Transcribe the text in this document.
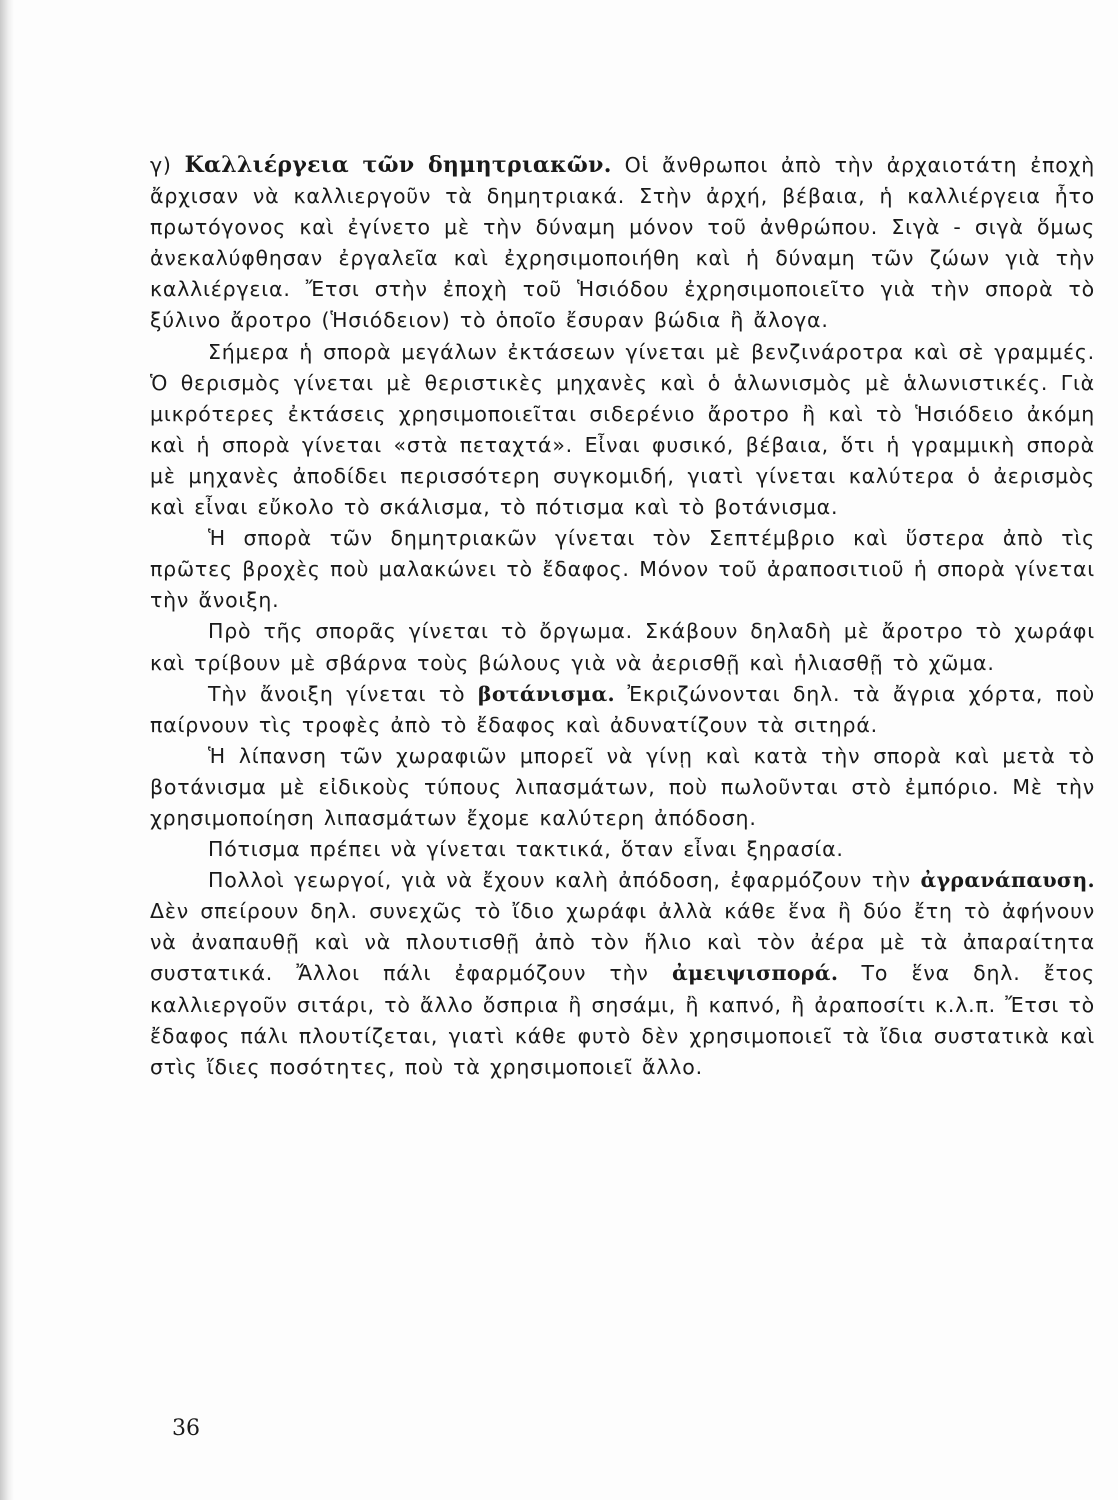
γ) Καλλιέργεια τῶν δημητριακῶν. Οἱ ἄνθρωποι ἀπὸ τὴν ἀρχαιοτάτη ἐποχὴ ἄρχισαν νὰ καλλιεργοῦν τὰ δημητριακά. Στὴν ἀρχή, βέβαια, ἡ καλλιέργεια ἦτο πρωτόγονος καὶ ἐγίνετο μὲ τὴν δύναμη μόνον τοῦ ἀνθρώπου. Σιγὰ - σιγὰ ὅμως ἀνεκαλύφθησαν ἐργαλεῖα καὶ ἐχρησιμοποιήθη καὶ ἡ δύναμη τῶν ζώων γιὰ τὴν καλλιέργεια. Ἔτσι στὴν ἐποχὴ τοῦ Ἡσιόδου ἐχρησιμοποιεῖτο γιὰ τὴν σπορὰ τὸ ξύλινο ἄροτρο (Ἡσιόδειον) τὸ ὁποῖο ἔσυραν βώδια ἢ ἄλογα.

Σήμερα ἡ σπορὰ μεγάλων ἐκτάσεων γίνεται μὲ βενζινάροτρα καὶ σὲ γραμμές. Ὁ θερισμὸς γίνεται μὲ θεριστικὲς μηχανὲς καὶ ὁ ἁλωνισμὸς μὲ ἁλωνιστικές. Γιὰ μικρότερες ἐκτάσεις χρησιμοποιεῖται σιδερένιο ἄροτρο ἢ καὶ τὸ Ἡσιόδειο ἀκόμη καὶ ἡ σπορὰ γίνεται «στὰ πεταχτά». Εἶναι φυσικό, βέβαια, ὅτι ἡ γραμμικὴ σπορὰ μὲ μηχανὲς ἀποδίδει περισσότερη συγκομιδή, γιατὶ γίνεται καλύτερα ὁ ἀερισμὸς καὶ εἶναι εὔκολο τὸ σκάλισμα, τὸ πότισμα καὶ τὸ βοτάνισμα.

Ἡ σπορὰ τῶν δημητριακῶν γίνεται τὸν Σεπτέμβριο καὶ ὕστερα ἀπὸ τὶς πρῶτες βροχὲς ποὺ μαλακώνει τὸ ἔδαφος. Μόνον τοῦ ἀραποσιτιοῦ ἡ σπορὰ γίνεται τὴν ἄνοιξη.

Πρὸ τῆς σπορᾶς γίνεται τὸ ὄργωμα. Σκάβουν δηλαδὴ μὲ ἄροτρο τὸ χωράφι καὶ τρίβουν μὲ σβάρνα τοὺς βώλους γιὰ νὰ ἀερισθῇ καὶ ἡλιασθῇ τὸ χῶμα.

Τὴν ἄνοιξη γίνεται τὸ βοτάνισμα. Ἐκριζώνονται δηλ. τὰ ἄγρια χόρτα, ποὺ παίρνουν τὶς τροφὲς ἀπὸ τὸ ἔδαφος καὶ ἀδυνατίζουν τὰ σιτηρά.

Ἡ λίπανση τῶν χωραφιῶν μπορεῖ νὰ γίνῃ καὶ κατὰ τὴν σπορὰ καὶ μετὰ τὸ βοτάνισμα μὲ εἰδικοὺς τύπους λιπασμάτων, ποὺ πωλοῦνται στὸ ἐμπόριο. Μὲ τὴν χρησιμοποίηση λιπασμάτων ἔχομε καλύτερη ἀπόδοση.

Πότισμα πρέπει νὰ γίνεται τακτικά, ὅταν εἶναι ξηρασία.

Πολλοὶ γεωργοί, γιὰ νὰ ἔχουν καλὴ ἀπόδοση, ἐφαρμόζουν τὴν ἀγρανάπαυση. Δὲν σπείρουν δηλ. συνεχῶς τὸ ἴδιο χωράφι ἀλλὰ κάθε ἕνα ἢ δύο ἔτη τὸ ἀφήνουν νὰ ἀναπαυθῇ καὶ νὰ πλουτισθῇ ἀπὸ τὸν ἥλιο καὶ τὸν ἀέρα μὲ τὰ ἀπαραίτητα συστατικά. Ἄλλοι πάλι ἐφαρμόζουν τὴν ἀμειψισπορά. Το ἕνα δηλ. ἔτος καλλιεργοῦν σιτάρι, τὸ ἄλλο ὄσπρια ἢ σησάμι, ἢ καπνό, ἢ ἀραποσίτι κ.λ.π. Ἔτσι τὸ ἔδαφος πάλι πλουτίζεται, γιατὶ κάθε φυτὸ δὲν χρησιμοποιεῖ τὰ ἴδια συστατικὰ καὶ στὶς ἴδιες ποσότητες, ποὺ τὰ χρησιμοποιεῖ ἄλλο.

36
